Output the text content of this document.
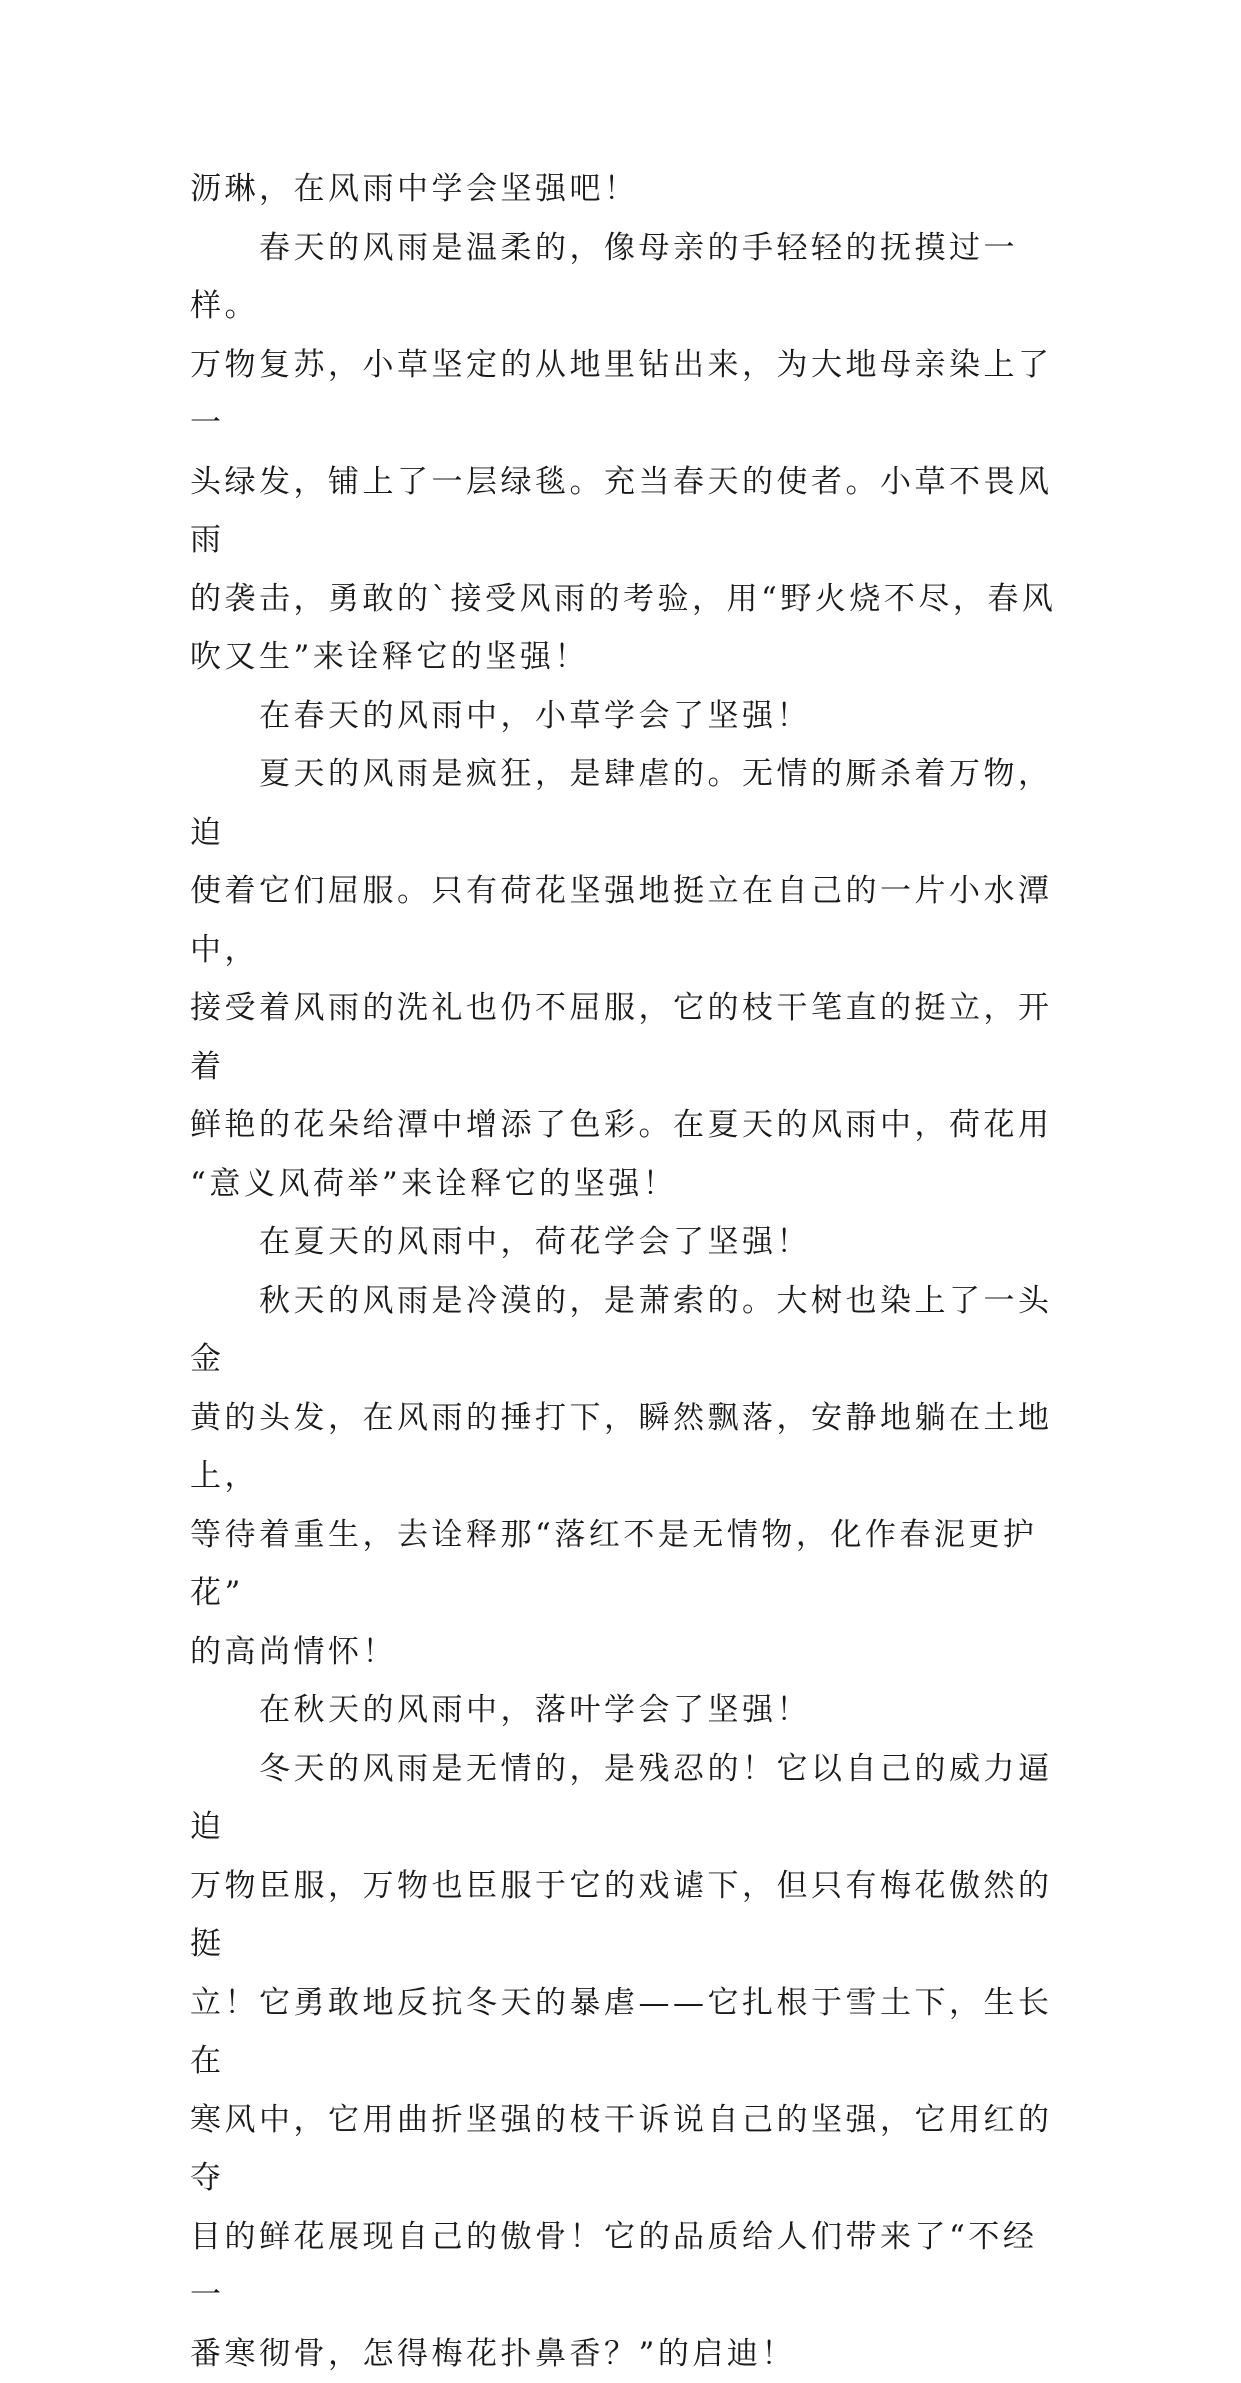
沥琳，在风雨中学会坚强吧！
　　春天的风雨是温柔的，像母亲的手轻轻的抚摸过一样。
万物复苏，小草坚定的从地里钻出来，为大地母亲染上了一
头绿发，铺上了一层绿毯。充当春天的使者。小草不畏风雨
的袭击，勇敢的`接受风雨的考验，用“野火烧不尽，春风
吹又生”来诠释它的坚强！
　　在春天的风雨中，小草学会了坚强！
　　夏天的风雨是疯狂，是肆虐的。无情的厮杀着万物，迫
使着它们屈服。只有荷花坚强地挺立在自己的一片小水潭中，
接受着风雨的洗礼也仍不屈服，它的枝干笔直的挺立，开着
鲜艳的花朵给潭中增添了色彩。在夏天的风雨中，荷花用
“意义风荷举”来诠释它的坚强！
　　在夏天的风雨中，荷花学会了坚强！
　　秋天的风雨是冷漠的，是萧索的。大树也染上了一头金
黄的头发，在风雨的捶打下，瞬然飘落，安静地躺在土地上，
等待着重生，去诠释那“落红不是无情物，化作春泥更护花”
的高尚情怀！
　　在秋天的风雨中，落叶学会了坚强！
　　冬天的风雨是无情的，是残忍的！它以自己的威力逼迫
万物臣服，万物也臣服于它的戏谑下，但只有梅花傲然的挺
立！它勇敢地反抗冬天的暴虐——它扎根于雪土下，生长在
寒风中，它用曲折坚强的枝干诉说自己的坚强，它用红的夺
目的鲜花展现自己的傲骨！它的品质给人们带来了“不经一
番寒彻骨，怎得梅花扑鼻香？”的启迪！
